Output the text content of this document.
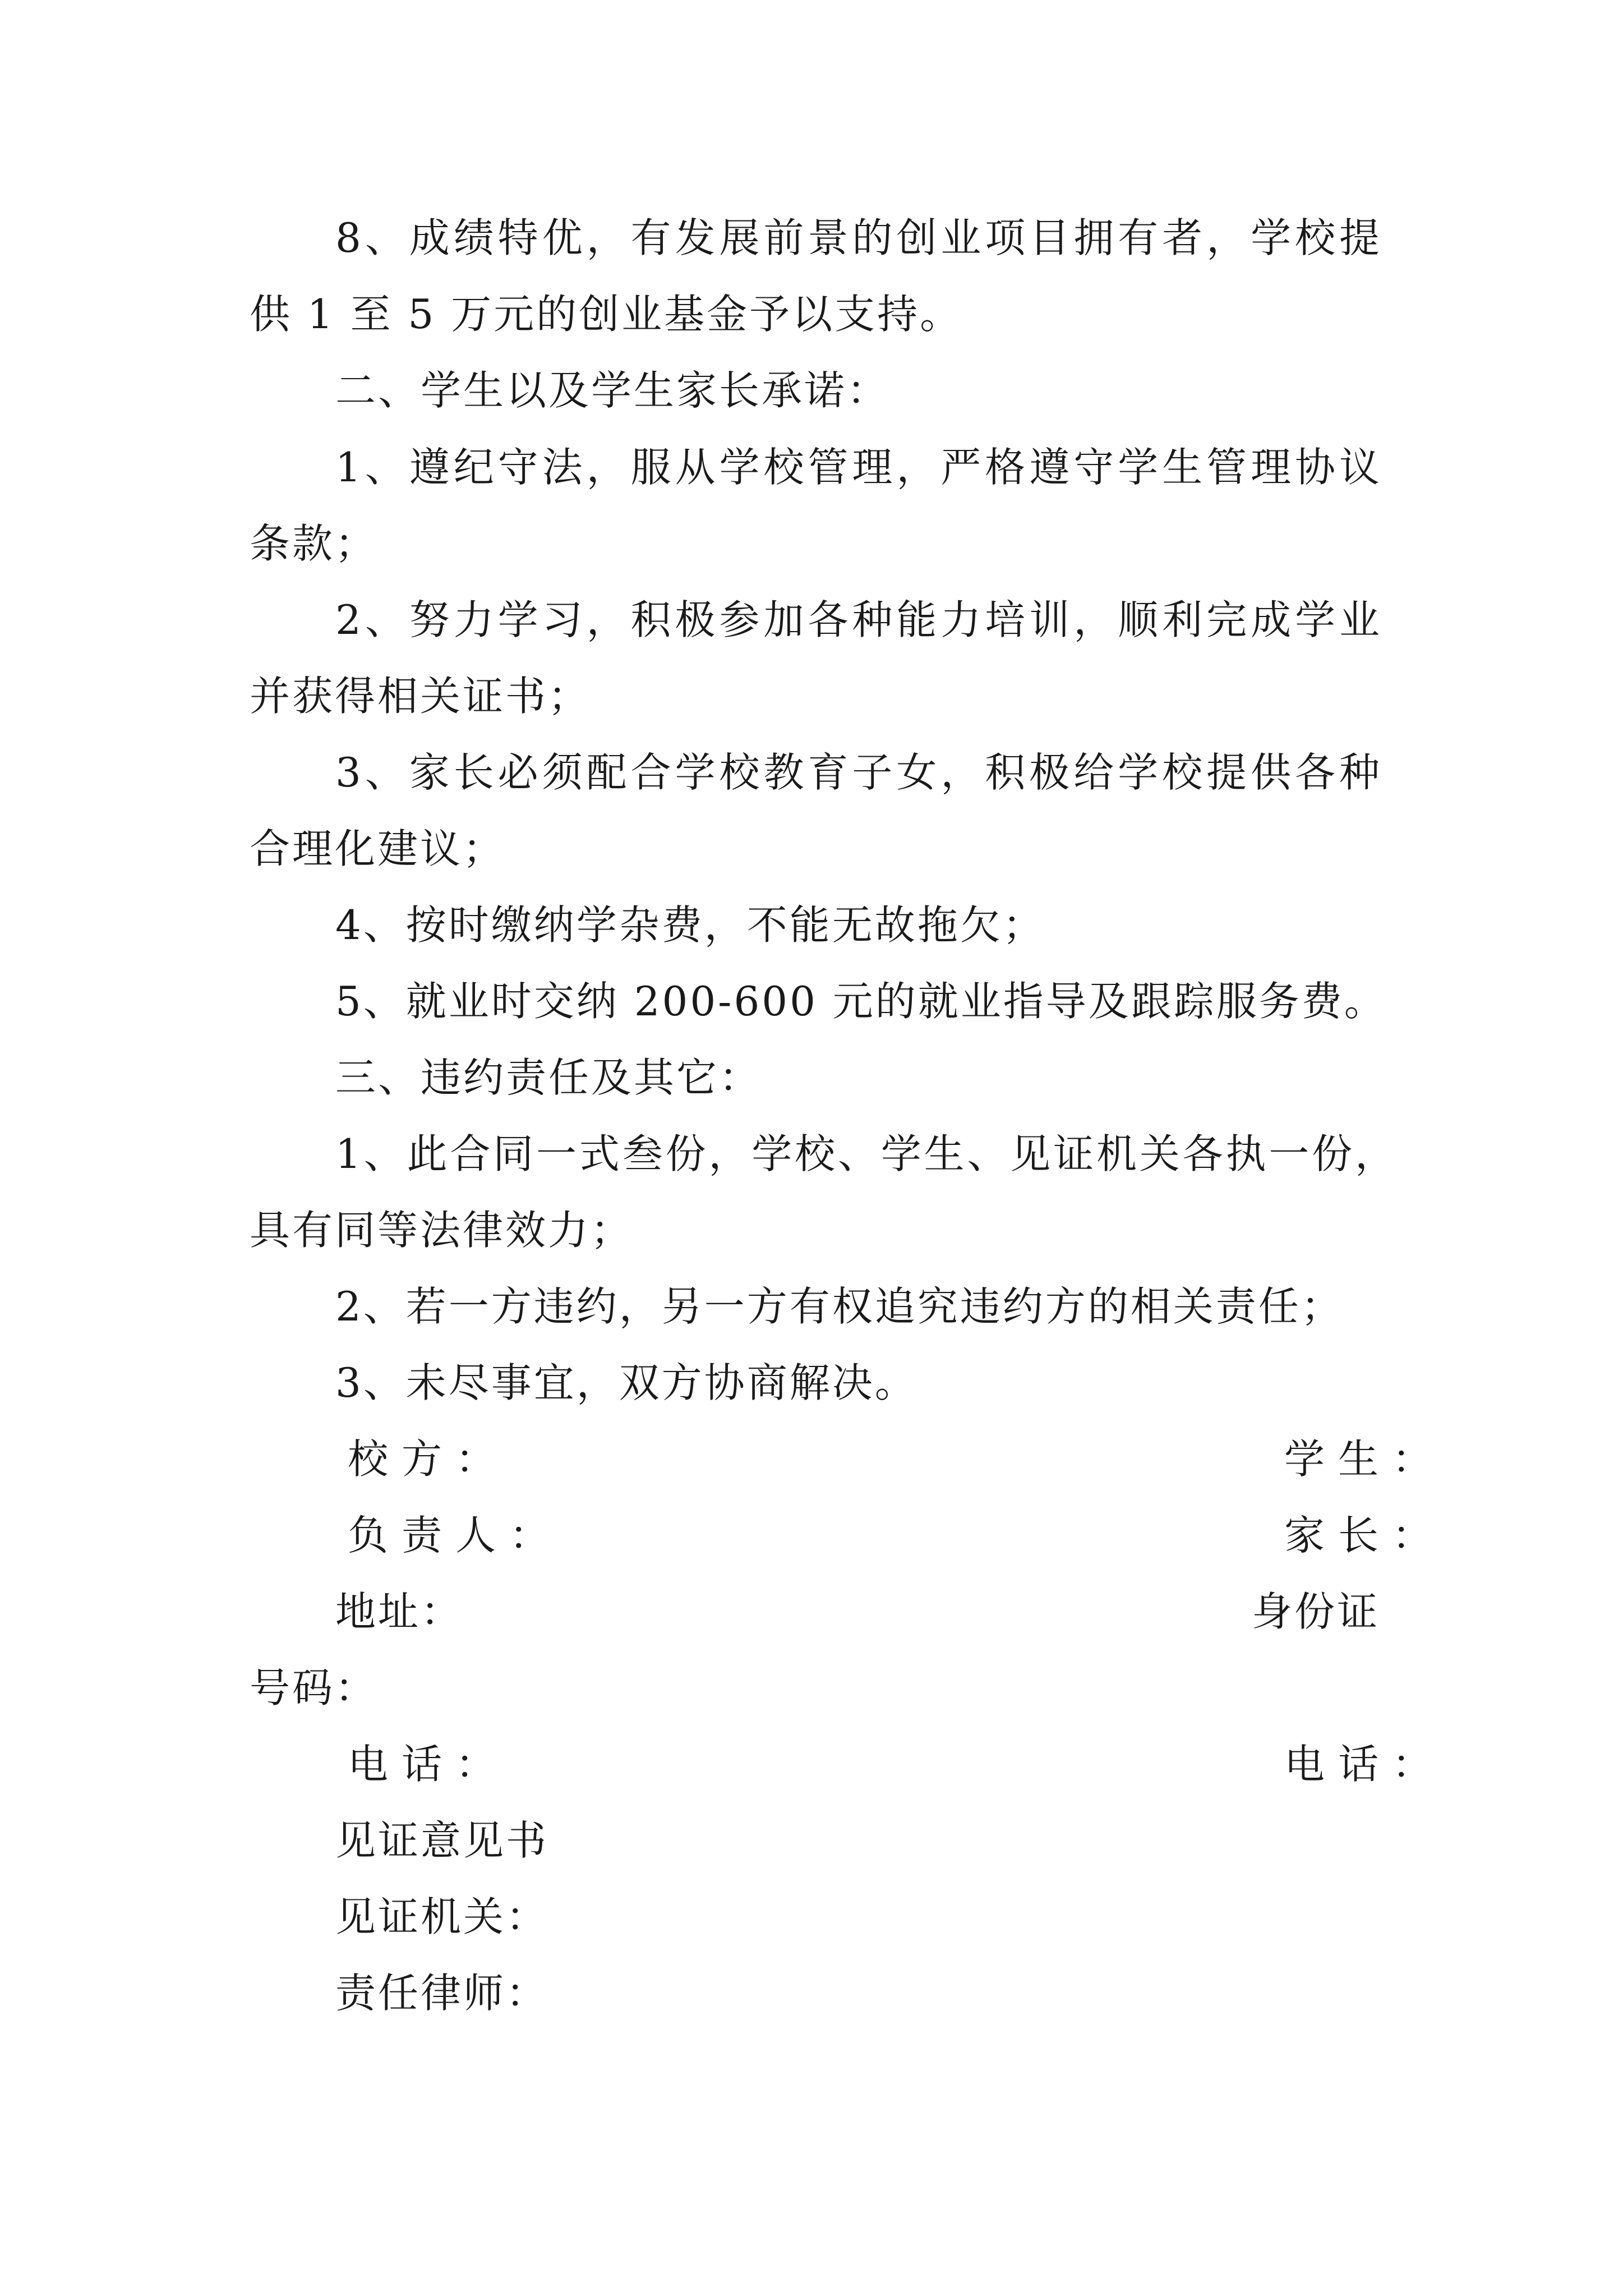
8、成绩特优，有发展前景的创业项目拥有者，学校提
供 1 至 5 万元的创业基金予以支持。
二、学生以及学生家长承诺：
1、遵纪守法，服从学校管理，严格遵守学生管理协议
条款；
2、努力学习，积极参加各种能力培训，顺利完成学业
并获得相关证书；
3、家长必须配合学校教育子女，积极给学校提供各种
合理化建议；
4、按时缴纳学杂费，不能无故拖欠；
5、就业时交纳 200-600 元的就业指导及跟踪服务费。
三、违约责任及其它：
1、此合同一式叁份，学校、学生、见证机关各执一份，
具有同等法律效力；
2、若一方违约，另一方有权追究违约方的相关责任；
3、未尽事宜，双方协商解决。
校方：	学生：
负责人：	家长：
地址：	身份证
号码：
电话：	电话：
见证意见书
见证机关：
责任律师：
